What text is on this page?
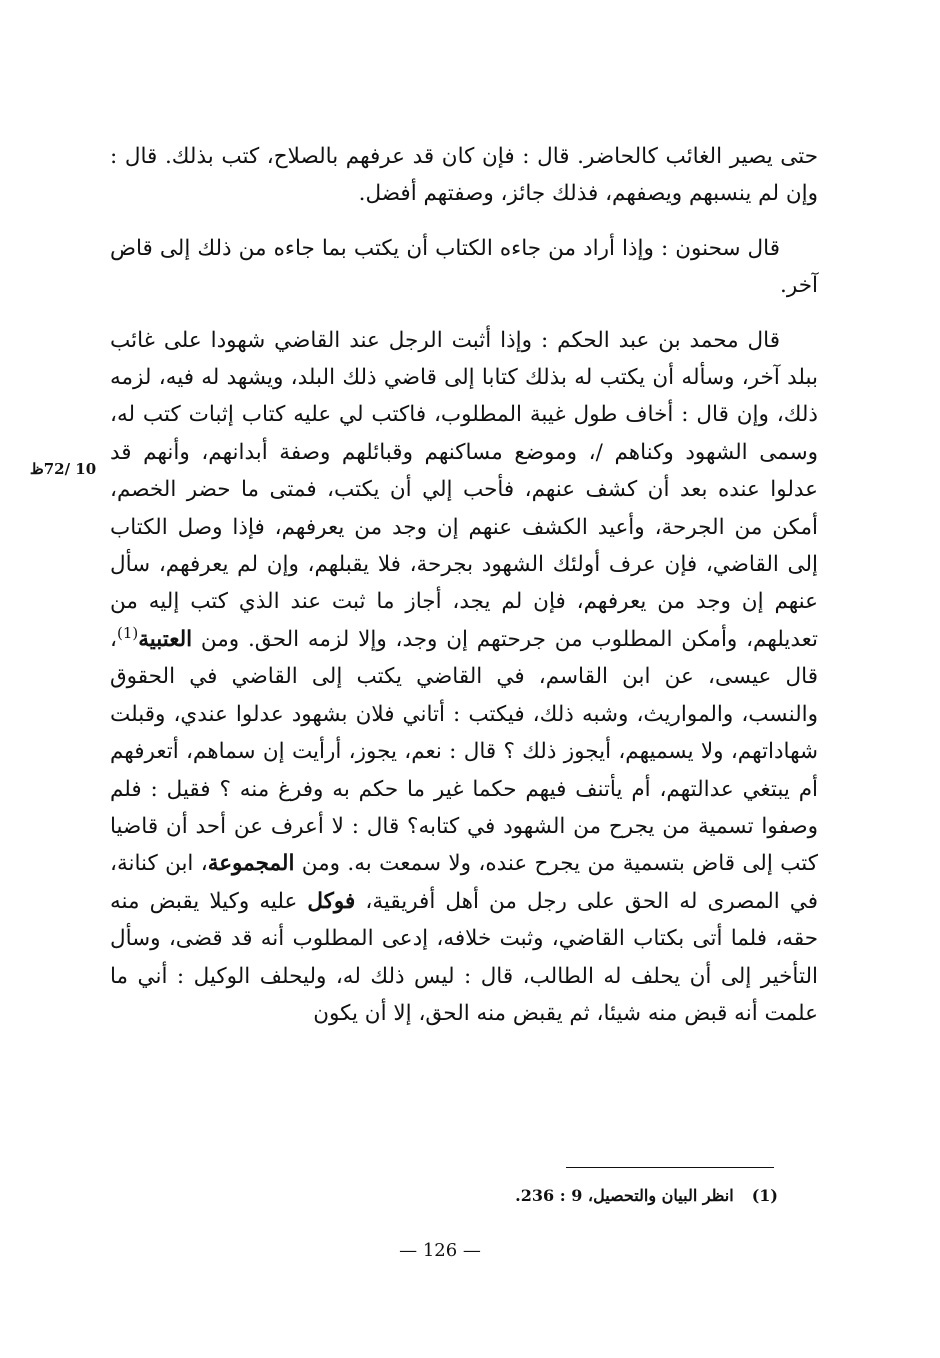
حتى يصير الغائب كالحاضر. قال : فإن كان قد عرفهم بالصلاح، كتب بذلك. قال : وإن لم ينسبهم ويصفهم، فذلك جائز، وصفتهم أفضل.

قال سحنون : وإذا أراد من جاءه الكتاب أن يكتب بما جاءه من ذلك إلى قاض آخر.

قال محمد بن عبد الحكم : وإذا أثبت الرجل عند القاضي شهودا على غائب ببلد آخر، وسأله أن يكتب له بذلك كتابا إلى قاضي ذلك البلد، ويشهد له فيه، لزمه ذلك، وإن قال : أخاف طول غيبة المطلوب، فاكتب لي عليه كتاب إثبات كتب له، وسمى الشهود وكناهم /، وموضع مساكنهم وقبائلهم وصفة أبدانهم، وأنهم قد عدلوا عنده بعد أن كشف عنهم، فأحب إلي أن يكتب، فمتى ما حضر الخصم، أمكن من الجرحة، وأعيد الكشف عنهم إن وجد من يعرفهم، فإذا وصل الكتاب إلى القاضي، فإن عرف أولئك الشهود بجرحة، فلا يقبلهم، وإن لم يعرفهم، سأل عنهم إن وجد من يعرفهم، فإن لم يجد، أجاز ما ثبت عند الذي كتب إليه من تعديلهم، وأمكن المطلوب من جرحتهم إن وجد، وإلا لزمه الحق. ومن العتبية$^{(1)}$، قال عيسى، عن ابن القاسم، في القاضي يكتب إلى القاضي في الحقوق والنسب، والمواريث، وشبه ذلك، فيكتب : أتاني فلان بشهود عدلوا عندي، وقبلت شهاداتهم، ولا يسميهم، أيجوز ذلك ؟ قال : نعم، يجوز، أرأيت إن سماهم، أتعرفهم أم يبتغي عدالتهم، أم يأتنف فيهم حكما غير ما حكم به وفرغ منه ؟ فقيل : فلم وصفوا تسمية من يجرح من الشهود في كتابه؟ قال : لا أعرف عن أحد أن قاضيا كتب إلى قاض بتسمية من يجرح عنده، ولا سمعت به. ومن المجموعة، ابن كنانة، في المصرى له الحق على رجل من أهل أفريقية، فوكل عليه وكيلا يقبض منه حقه، فلما أتى بكتاب القاضي، وثبت خلافه، إدعى المطلوب أنه قد قضى، وسأل التأخير إلى أن يحلف له الطالب، قال : ليس ذلك له، وليحلف الوكيل : أني ما علمت أنه قبض منه شيئا، ثم يقبض منه الحق، إلا أن يكون

10 /72ظ
(1)انظر البيان والتحصيل، 9 : 236.
— 126 —
